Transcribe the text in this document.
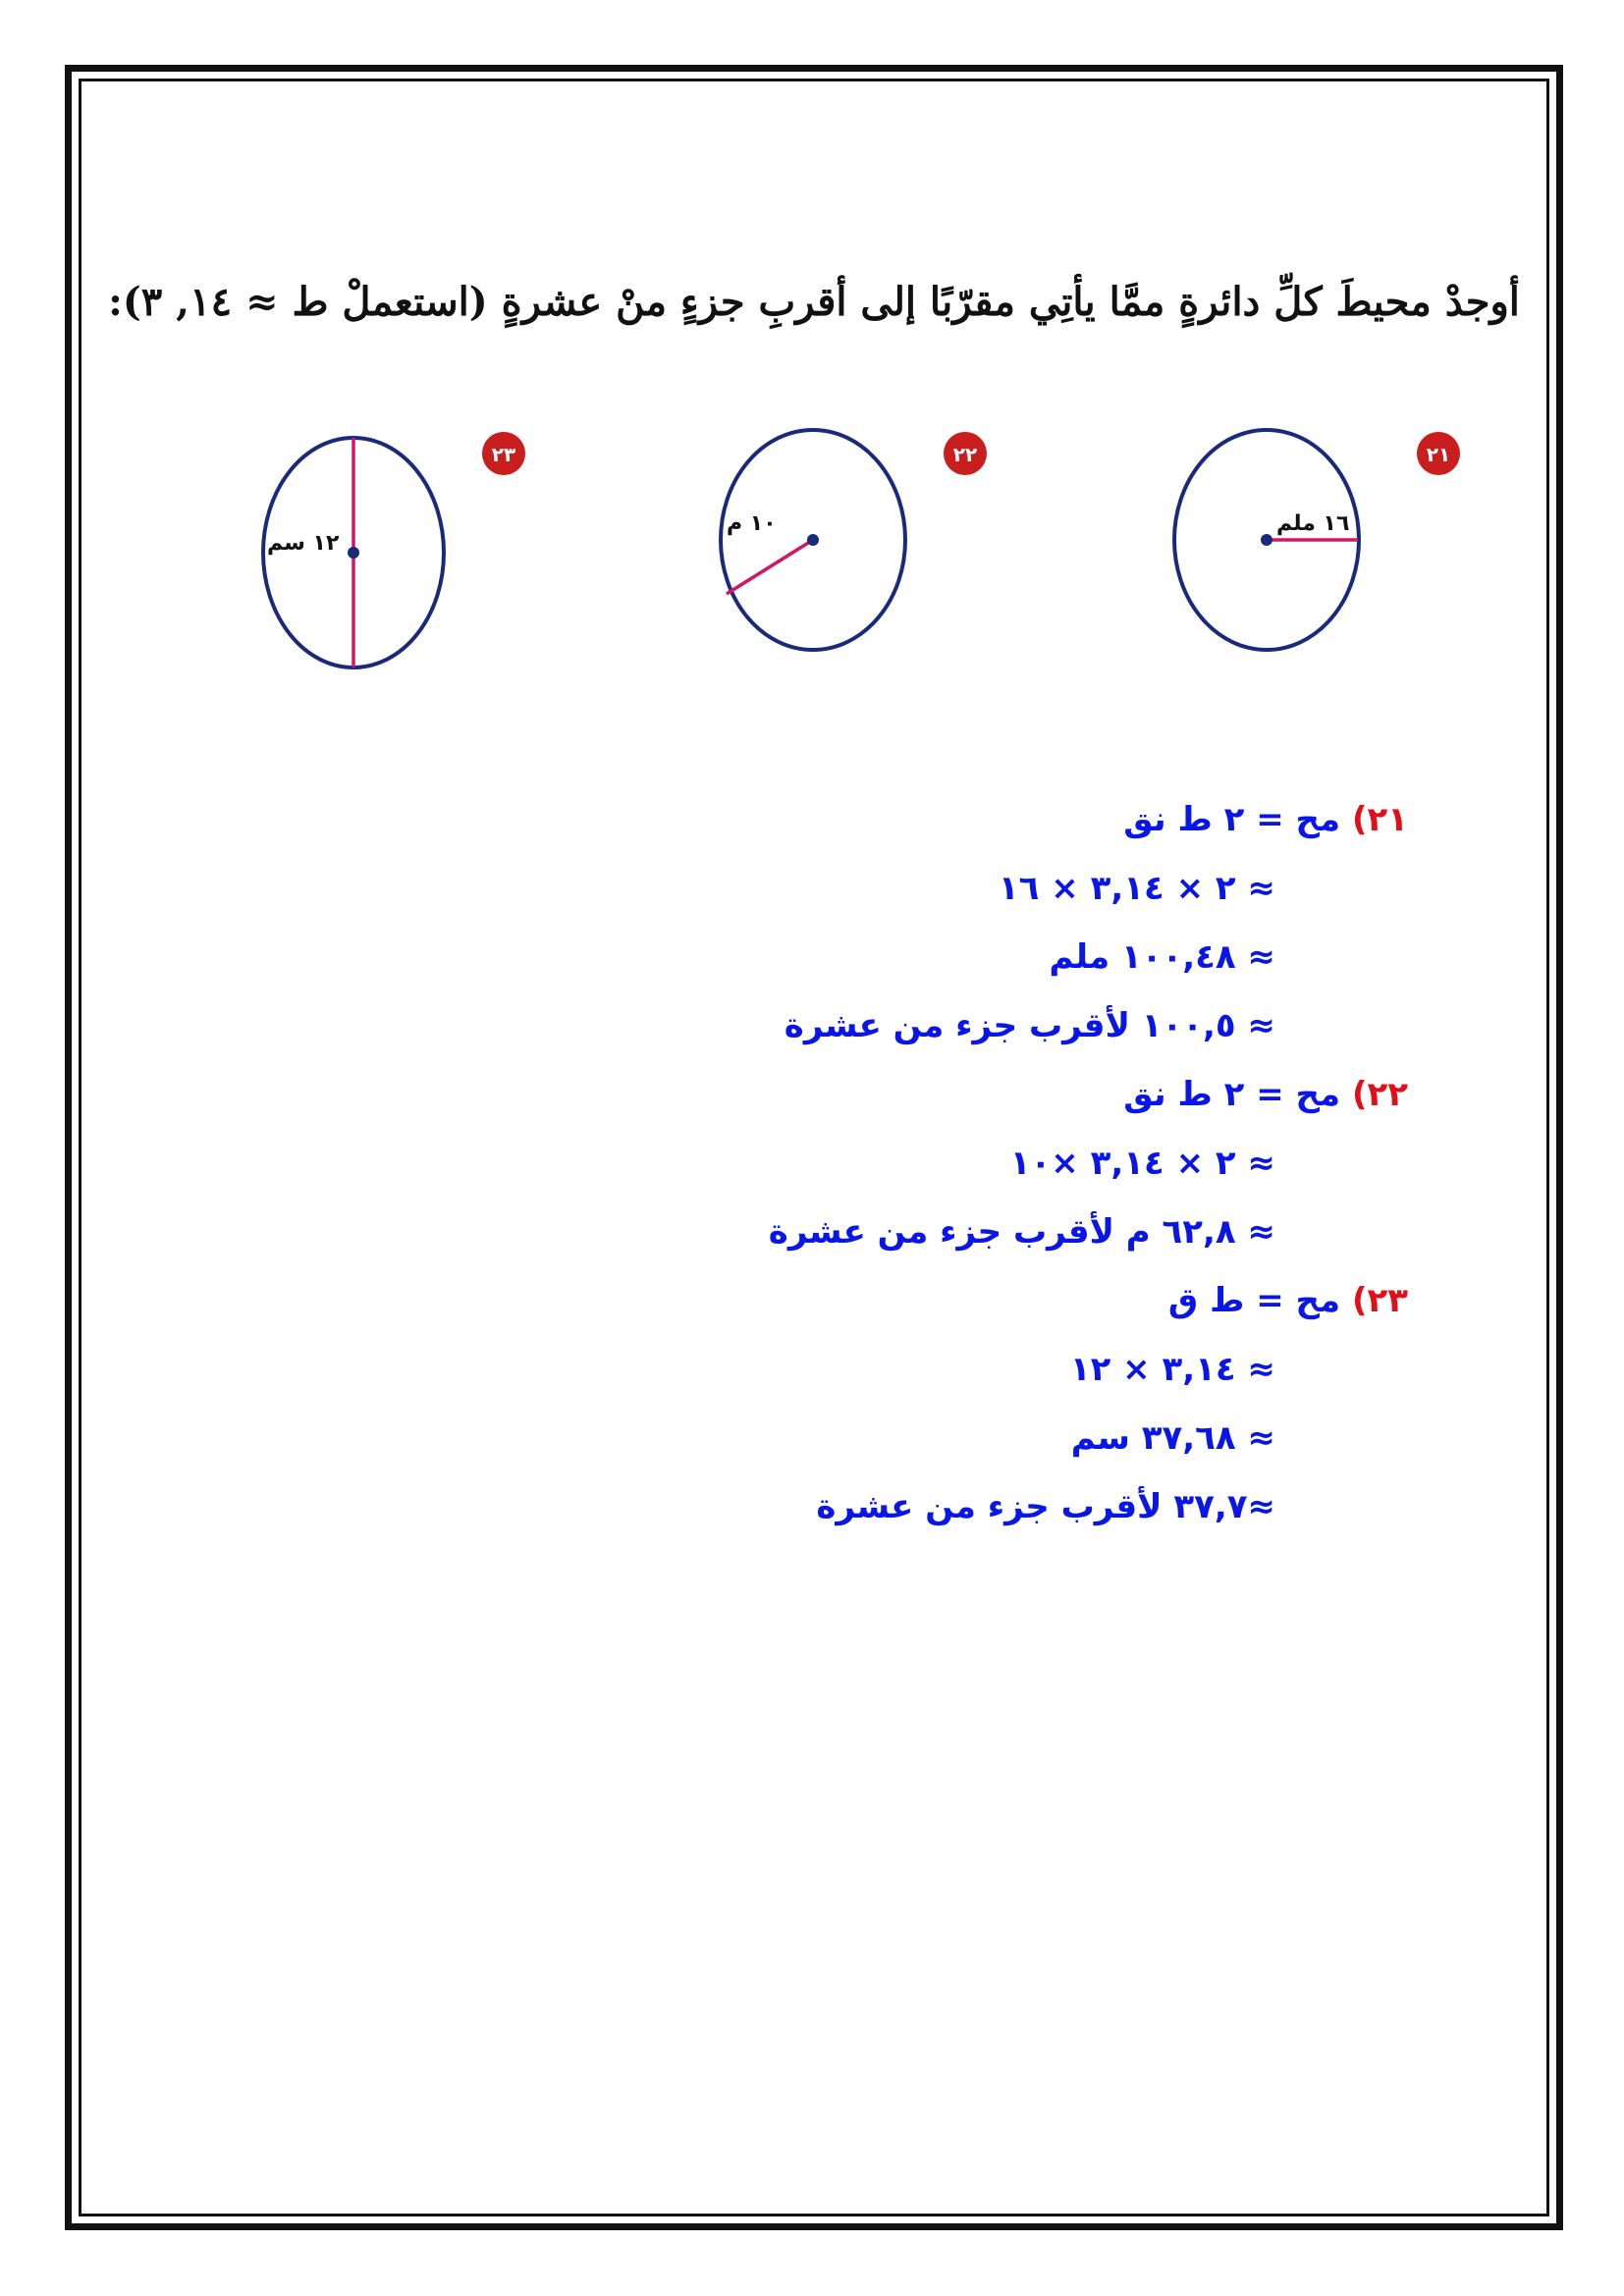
أوجدْ محيطَ كلِّ دائرةٍ ممَّا يأتِي مقرّبًا إلى أقربِ جزءٍ منْ عشرةٍ (استعملْ ط ≈ ١٤, ٣):
١٦ ملم
٢١
١٠ م
٢٢
١٢ سم
٢٣
٢١) مح = ٢ ط نق
≈ ٢ × ٣,١٤ × ١٦
≈ ١٠٠,٤٨ ملم
≈ ١٠٠,٥ لأقرب جزء من عشرة
٢٢) مح = ٢ ط نق
≈ ٢ × ٣,١٤ ×١٠
≈ ٦٢,٨ م لأقرب جزء من عشرة
٢٣) مح = ط ق
≈ ٣,١٤ × ١٢
≈ ٣٧,٦٨ سم
≈٣٧,٧ لأقرب جزء من عشرة
